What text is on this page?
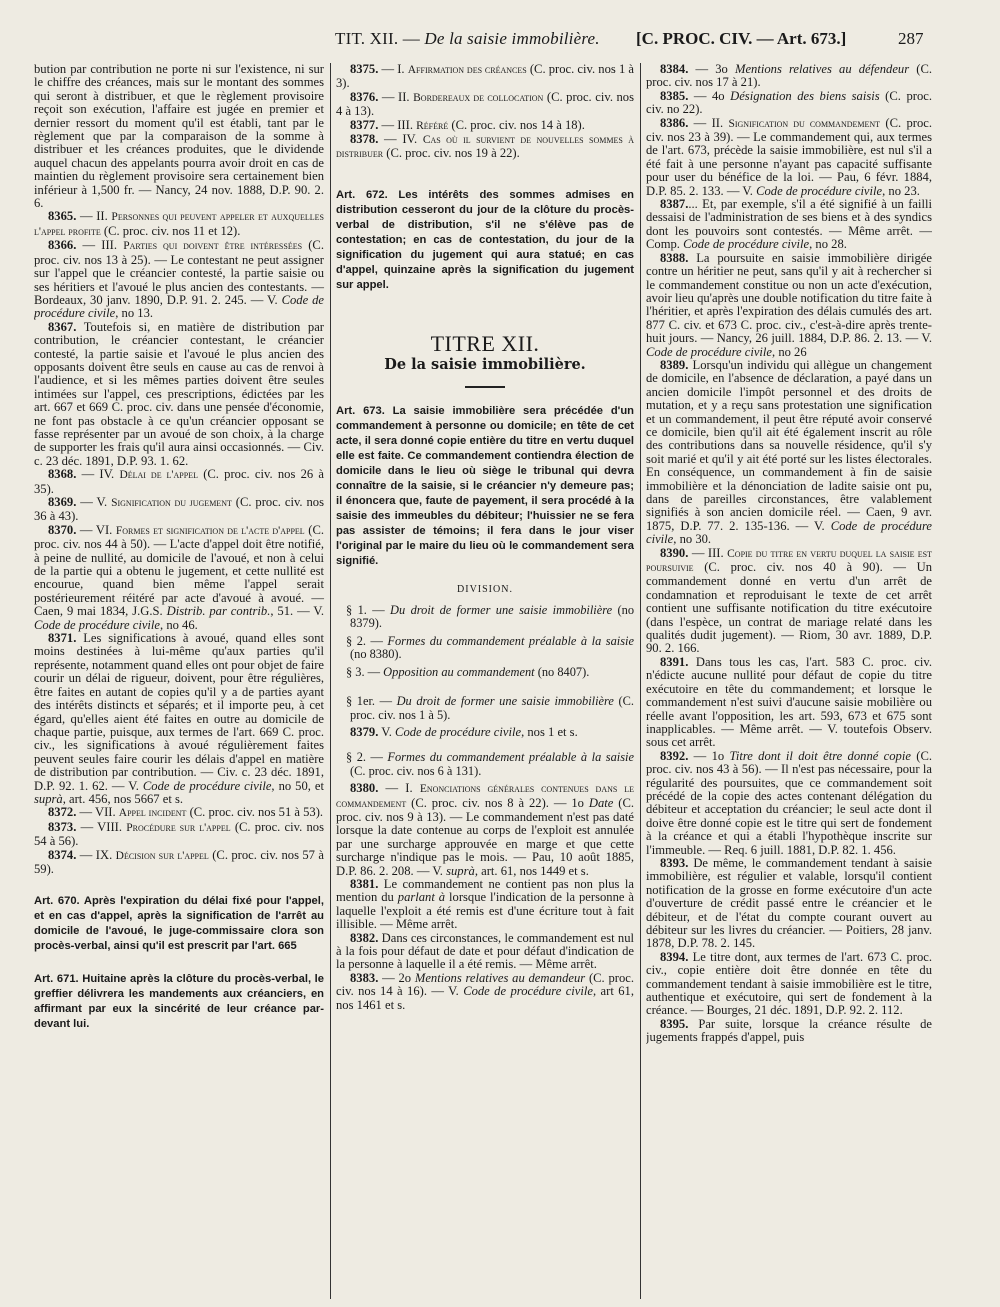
TIT. XII. — De la saisie immobilière. [C. PROC. CIV. — Art. 673.]	287

bution par contribution ne porte ni sur l'existence, ni sur le chiffre des créances, mais sur le montant des sommes qui seront à distribuer, et que le règlement provisoire reçoit son exécution, l'affaire est jugée en premier et dernier ressort du moment qu'il est établi, tant par le règlement que par la comparaison de la somme à distribuer et les créances produites, que le dividende auquel chacun des appelants pourra avoir droit en cas de maintien du règlement provisoire sera certainement bien inférieur à 1,500 fr. — Nancy, 24 nov. 1888, D.P. 90. 2. 6.

8365. — II. Personnes qui peuvent appeler et auxquelles l'appel profite (C. proc. civ. nos 11 et 12).

8366. — III. Parties qui doivent être intéressées (C. proc. civ. nos 13 à 25). — Le contestant ne peut assigner sur l'appel que le créancier contesté, la partie saisie ou ses héritiers et l'avoué le plus ancien des contestants. — Bordeaux, 30 janv. 1890, D.P. 91. 2. 245. — V. Code de procédure civile, no 13.

8367. Toutefois si, en matière de distribution par contribution, le créancier contestant, le créancier contesté, la partie saisie et l'avoué le plus ancien des opposants doivent être seuls en cause au cas de renvoi à l'audience, et si les mêmes parties doivent être seules intimées sur l'appel, ces prescriptions, édictées par les art. 667 et 669 C. proc. civ. dans une pensée d'économie, ne font pas obstacle à ce qu'un créancier opposant se fasse représenter par un avoué de son choix, à la charge de supporter les frais qu'il aura ainsi occasionnés. — Civ. c. 23 déc. 1891, D.P. 93. 1. 62.

8368. — IV. Délai de l'appel (C. proc. civ. nos 26 à 35).

8369. — V. Signification du jugement (C. proc. civ. nos 36 à 43).

8370. — VI. Formes et signification de l'acte d'appel (C. proc. civ. nos 44 à 50). — L'acte d'appel doit être notifié, à peine de nullité, au domicile de l'avoué, et non à celui de la partie qui a obtenu le jugement, et cette nullité est encourue, quand bien même l'appel serait postérieurement réitéré par acte d'avoué à avoué. — Caen, 9 mai 1834, J.G.S. Distrib. par contrib., 51. — V. Code de procédure civile, no 46.

8371. Les significations à avoué, quand elles sont moins destinées à lui-même qu'aux parties qu'il représente, notamment quand elles ont pour objet de faire courir un délai de rigueur, doivent, pour être régulières, être faites en autant de copies qu'il y a de parties ayant des intérêts distincts et séparés; et il importe peu, à cet égard, qu'elles aient été faites en outre au domicile de chaque partie, puisque, aux termes de l'art. 669 C. proc. civ., les significations à avoué régulièrement faites peuvent seules faire courir les délais d'appel en matière de distribution par contribution. — Civ. c. 23 déc. 1891, D.P. 92. 1. 62. — V. Code de procédure civile, no 50, et suprà, art. 456, nos 5667 et s.

8372. — VII. Appel incident (C. proc. civ. nos 51 à 53).

8373. — VIII. Procédure sur l'appel (C. proc. civ. nos 54 à 56).

8374. — IX. Décision sur l'appel (C. proc. civ. nos 57 à 59).

Art. 670. Après l'expiration du délai fixé pour l'appel, et en cas d'appel, après la signification de l'arrêt au domicile de l'avoué, le juge-commissaire clora son procès-verbal, ainsi qu'il est prescrit par l'art. 665

Art. 671. Huitaine après la clôture du procès-verbal, le greffier délivrera les mandements aux créanciers, en affirmant par eux la sincérité de leur créance par-devant lui.

8375. — I. Affirmation des créances (C. proc. civ. nos 1 à 3).

8376. — II. Bordereaux de collocation (C. proc. civ. nos 4 à 13).

8377. — III. Référé (C. proc. civ. nos 14 à 18).

8378. — IV. Cas où il survient de nouvelles sommes à distribuer (C. proc. civ. nos 19 à 22).

Art. 672. Les intérêts des sommes admises en distribution cesseront du jour de la clôture du procès-verbal de distribution, s'il ne s'élève pas de contestation; en cas de contestation, du jour de la signification du jugement qui aura statué; en cas d'appel, quinzaine après la signification du jugement sur appel.

TITRE XII.
De la saisie immobilière.

Art. 673. La saisie immobilière sera précédée d'un commandement à personne ou domicile; en tête de cet acte, il sera donné copie entière du titre en vertu duquel elle est faite. Ce commandement contiendra élection de domicile dans le lieu où siège le tribunal qui devra connaître de la saisie, si le créancier n'y demeure pas; il énoncera que, faute de payement, il sera procédé à la saisie des immeubles du débiteur; l'huissier ne se fera pas assister de témoins; il fera dans le jour viser l'original par le maire du lieu où le commandement sera signifié.

DIVISION.

§ 1. — Du droit de former une saisie immobilière (no 8379).

§ 2. — Formes du commandement préalable à la saisie (no 8380).

§ 3. — Opposition au commandement (no 8407).

§ 1er. — Du droit de former une saisie immobilière (C. proc. civ. nos 1 à 5).

8379. V. Code de procédure civile, nos 1 et s.

§ 2. — Formes du commandement préalable à la saisie (C. proc. civ. nos 6 à 131).

8380. — I. Enonciations générales contenues dans le commandement (C. proc. civ. nos 8 à 22). — 1o Date (C. proc. civ. nos 9 à 13). — Le commandement n'est pas daté lorsque la date contenue au corps de l'exploit est annulée par une surcharge approuvée en marge et que cette surcharge n'indique pas le mois. — Pau, 10 août 1885, D.P. 86. 2. 208. — V. suprà, art. 61, nos 1449 et s.

8381. Le commandement ne contient pas non plus la mention du parlant à lorsque l'indication de la personne à laquelle l'exploit a été remis est d'une écriture tout à fait illisible. — Même arrêt.

8382. Dans ces circonstances, le commandement est nul à la fois pour défaut de date et pour défaut d'indication de la personne à laquelle il a été remis. — Même arrêt.

8383. — 2o Mentions relatives au demandeur (C. proc. civ. nos 14 à 16). — V. Code de procédure civile, art 61, nos 1461 et s.

8384. — 3o Mentions relatives au défendeur (C. proc. civ. nos 17 à 21).

8385. — 4o Désignation des biens saisis (C. proc. civ. no 22).

8386. — II. Signification du commandement (C. proc. civ. nos 23 à 39). — Le commandement qui, aux termes de l'art. 673, précède la saisie immobilière, est nul s'il a été fait à une personne n'ayant pas capacité suffisante pour user du bénéfice de la loi. — Pau, 6 févr. 1884, D.P. 85. 2. 133. — V. Code de procédure civile, no 23.

8387.... Et, par exemple, s'il a été signifié à un failli dessaisi de l'administration de ses biens et à des syndics dont les pouvoirs sont contestés. — Même arrêt. — Comp. Code de procédure civile, no 28.

8388. La poursuite en saisie immobilière dirigée contre un héritier ne peut, sans qu'il y ait à rechercher si le commandement constitue ou non un acte d'exécution, avoir lieu qu'après une double notification du titre faite à l'héritier, et après l'expiration des délais cumulés des art. 877 C. civ. et 673 C. proc. civ., c'est-à-dire après trente-huit jours. — Nancy, 26 juill. 1884, D.P. 86. 2. 13. — V. Code de procédure civile, no 26

8389. Lorsqu'un individu qui allègue un changement de domicile, en l'absence de déclaration, a payé dans un ancien domicile l'impôt personnel et des droits de mutation, et y a reçu sans protestation une signification et un commandement, il peut être réputé avoir conservé ce domicile, bien qu'il ait été également inscrit au rôle des contributions dans sa nouvelle résidence, qu'il s'y soit marié et qu'il y ait été porté sur les listes électorales. En conséquence, un commandement à fin de saisie immobilière et la dénonciation de ladite saisie ont pu, dans de pareilles circonstances, être valablement signifiés à son ancien domicile réel. — Caen, 9 avr. 1875, D.P. 77. 2. 135-136. — V. Code de procédure civile, no 30.

8390. — III. Copie du titre en vertu duquel la saisie est poursuivie (C. proc. civ. nos 40 à 90). — Un commandement donné en vertu d'un arrêt de condamnation et reproduisant le texte de cet arrêt contient une suffisante notification du titre exécutoire (dans l'espèce, un contrat de mariage relaté dans les qualités dudit jugement). — Riom, 30 avr. 1889, D.P. 90. 2. 166.

8391. Dans tous les cas, l'art. 583 C. proc. civ. n'édicte aucune nullité pour défaut de copie du titre exécutoire en tête du commandement; et lorsque le commandement n'est suivi d'aucune saisie mobilière ou réelle avant l'opposition, les art. 593, 673 et 675 sont inapplicables. — Même arrêt. — V. toutefois Observ. sous cet arrêt.

8392. — 1o Titre dont il doit être donné copie (C. proc. civ. nos 43 à 56). — Il n'est pas nécessaire, pour la régularité des poursuites, que ce commandement soit précédé de la copie des actes contenant délégation du débiteur et acceptation du créancier; le seul acte dont il doive être donné copie est le titre qui sert de fondement à la créance et qui a établi l'hypothèque inscrite sur l'immeuble. — Req. 6 juill. 1881, D.P. 82. 1. 456.

8393. De même, le commandement tendant à saisie immobilière, est régulier et valable, lorsqu'il contient notification de la grosse en forme exécutoire d'un acte d'ouverture de crédit passé entre le créancier et le débiteur, et de l'état du compte courant ouvert au débiteur sur les livres du créancier. — Poitiers, 28 janv. 1878, D.P. 78. 2. 145.

8394. Le titre dont, aux termes de l'art. 673 C. proc. civ., copie entière doit être donnée en tête du commandement tendant à saisie immobilière est le titre, authentique et exécutoire, qui sert de fondement à la créance. — Bourges, 21 déc. 1891, D.P. 92. 2. 112.

8395. Par suite, lorsque la créance résulte de jugements frappés d'appel, puis
